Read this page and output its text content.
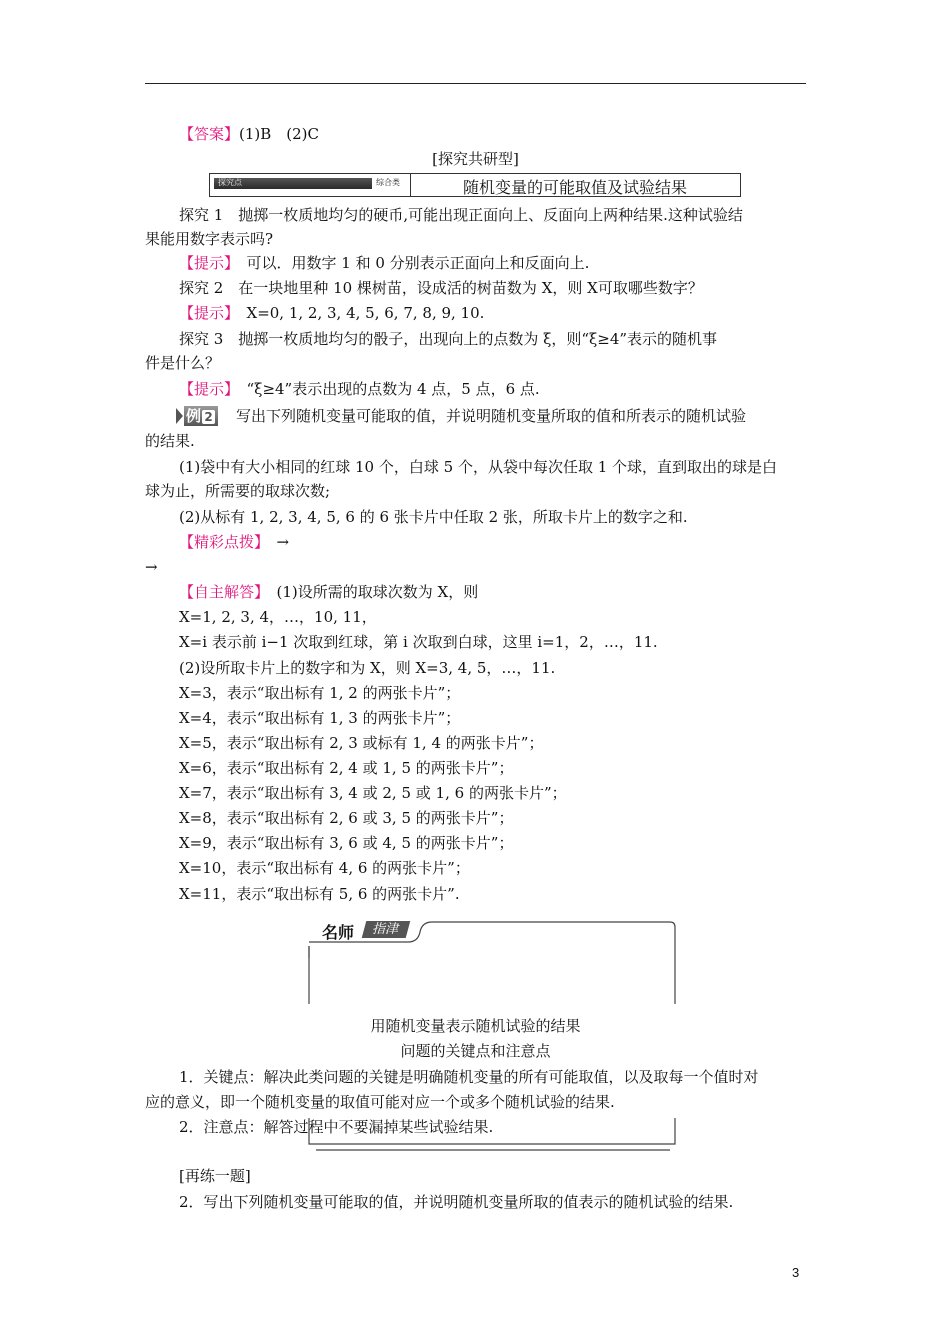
【答案】(1)B　(2)C
[探究共研型]
探究点	综合类	随机变量的可能取值及试验结果
探究 1　抛掷一枚质地均匀的硬币,可能出现正面向上、反面向上两种结果.这种试验结
果能用数字表示吗?
【提示】　可以．用数字 1 和 0 分别表示正面向上和反面向上.
探究 2　在一块地里种 10 棵树苗，设成活的树苗数为 X，则 X可取哪些数字？
【提示】　X=0, 1, 2, 3, 4, 5, 6, 7, 8, 9, 10.
探究 3　抛掷一枚质地均匀的骰子，出现向上的点数为 ξ，则“ξ≥4”表示的随机事
件是什么？
【提示】　“ξ≥4”表示出现的点数为 4 点，5 点，6 点.
例 2	写出下列随机变量可能取的值，并说明随机变量所取的值和所表示的随机试验
的结果.
(1)袋中有大小相同的红球 10 个，白球 5 个，从袋中每次任取 1 个球，直到取出的球是白
球为止，所需要的取球次数;
(2)从标有 1, 2, 3, 4, 5, 6 的 6 张卡片中任取 2 张，所取卡片上的数字之和.
【精彩点拨】　 →
→
【自主解答】　(1)设所需的取球次数为 X，则
X=1, 2, 3, 4，…，10, 11，
X=i 表示前 i−1 次取到红球，第 i 次取到白球，这里 i=1，2，…，11.
(2)设所取卡片上的数字和为 X，则 X=3, 4, 5，…，11.
X=3，表示“取出标有 1, 2 的两张卡片”；
X=4，表示“取出标有 1, 3 的两张卡片”；
X=5，表示“取出标有 2, 3 或标有 1, 4 的两张卡片”；
X=6，表示“取出标有 2, 4 或 1, 5 的两张卡片”；
X=7，表示“取出标有 3, 4 或 2, 5 或 1, 6 的两张卡片”；
X=8，表示“取出标有 2, 6 或 3, 5 的两张卡片”；
X=9，表示“取出标有 3, 6 或 4, 5 的两张卡片”；
X=10，表示“取出标有 4, 6 的两张卡片”；
X=11，表示“取出标有 5, 6 的两张卡片”.
名师	指津
用随机变量表示随机试验的结果
问题的关键点和注意点
1．关键点：解决此类问题的关键是明确随机变量的所有可能取值，以及取每一个值时对
应的意义，即一个随机变量的取值可能对应一个或多个随机试验的结果.
2．注意点：解答过程中不要漏掉某些试验结果.
[再练一题]
2．写出下列随机变量可能取的值，并说明随机变量所取的值表示的随机试验的结果.
3
